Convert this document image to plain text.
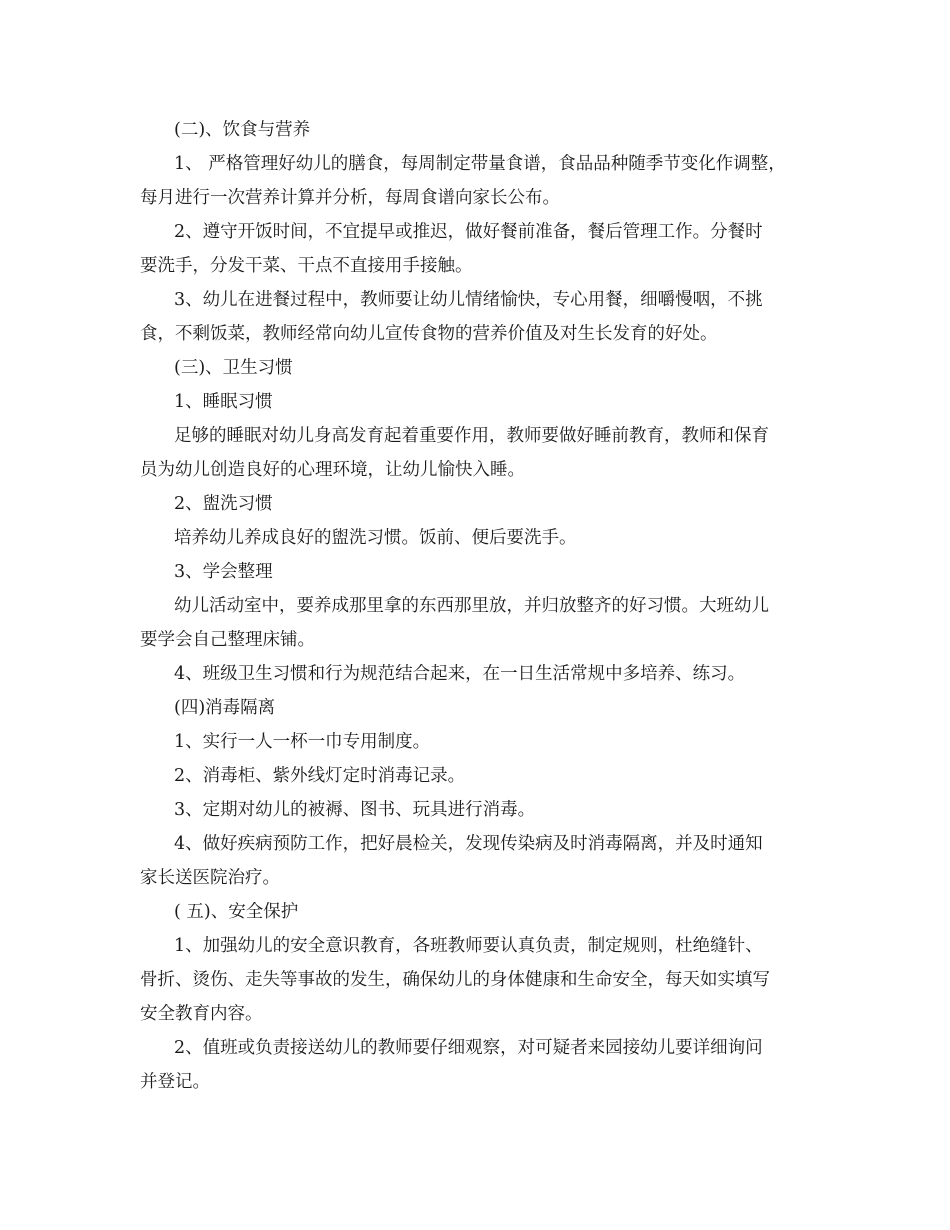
(二)、饮食与营养

1、 严格管理好幼儿的膳食，每周制定带量食谱，食品品种随季节变化作调整，

每月进行一次营养计算并分析，每周食谱向家长公布。

2、遵守开饭时间，不宜提早或推迟，做好餐前准备，餐后管理工作。分餐时

要洗手，分发干菜、干点不直接用手接触。

3、幼儿在进餐过程中，教师要让幼儿情绪愉快，专心用餐，细嚼慢咽，不挑

食，不剩饭菜，教师经常向幼儿宣传食物的营养价值及对生长发育的好处。

(三)、卫生习惯

1、睡眠习惯

足够的睡眠对幼儿身高发育起着重要作用，教师要做好睡前教育，教师和保育

员为幼儿创造良好的心理环境，让幼儿愉快入睡。

2、盥洗习惯

培养幼儿养成良好的盥洗习惯。饭前、便后要洗手。

3、学会整理

幼儿活动室中，要养成那里拿的东西那里放，并归放整齐的好习惯。大班幼儿

要学会自己整理床铺。

4、班级卫生习惯和行为规范结合起来，在一日生活常规中多培养、练习。

(四)消毒隔离

1、实行一人一杯一巾专用制度。

2、消毒柜、紫外线灯定时消毒记录。

3、定期对幼儿的被褥、图书、玩具进行消毒。

4、做好疾病预防工作，把好晨检关，发现传染病及时消毒隔离，并及时通知

家长送医院治疗。

( 五)、安全保护

1、加强幼儿的安全意识教育，各班教师要认真负责，制定规则，杜绝缝针、

骨折、烫伤、走失等事故的发生，确保幼儿的身体健康和生命安全，每天如实填写

安全教育内容。

2、值班或负责接送幼儿的教师要仔细观察，对可疑者来园接幼儿要详细询问

并登记。
